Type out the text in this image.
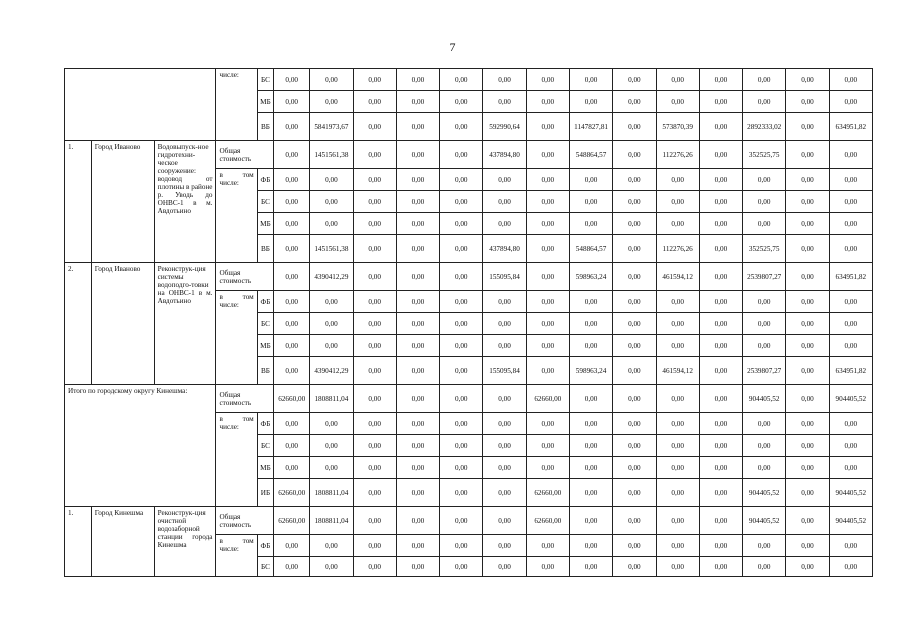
7
			числе:	БС	0,00	0,00	0,00	0,00	0,00	0,00	0,00	0,00	0,00	0,00	0,00	0,00	0,00	0,00
				МБ	0,00	0,00	0,00	0,00	0,00	0,00	0,00	0,00	0,00	0,00	0,00	0,00	0,00	0,00
				ВБ	0,00	5841973,67	0,00	0,00	0,00	592990,64	0,00	1147827,81	0,00	573870,39	0,00	2892333,02	0,00	634951,82
1.	Город Иваново	Водовыпуск-ное гидротехни-ческое сооружение: водовод от плотины в районе р. Уводь до ОНВС-1 в м. Авдотьино	Общая стоимость		0,00	1451561,38	0,00	0,00	0,00	437894,80	0,00	548864,57	0,00	112276,26	0,00	352525,75	0,00	0,00
			в том числе:	ФБ	0,00	0,00	0,00	0,00	0,00	0,00	0,00	0,00	0,00	0,00	0,00	0,00	0,00	0,00
				БС	0,00	0,00	0,00	0,00	0,00	0,00	0,00	0,00	0,00	0,00	0,00	0,00	0,00	0,00
				МБ	0,00	0,00	0,00	0,00	0,00	0,00	0,00	0,00	0,00	0,00	0,00	0,00	0,00	0,00
				ВБ	0,00	1451561,38	0,00	0,00	0,00	437894,80	0,00	548864,57	0,00	112276,26	0,00	352525,75	0,00	0,00
2.	Город Иваново	Реконструк-ция системы водоподго-товки на ОНВС-1 в м. Авдотьино	Общая стоимость		0,00	4390412,29	0,00	0,00	0,00	155095,84	0,00	598963,24	0,00	461594,12	0,00	2539807,27	0,00	634951,82
			в том числе:	ФБ	0,00	0,00	0,00	0,00	0,00	0,00	0,00	0,00	0,00	0,00	0,00	0,00	0,00	0,00
				БС	0,00	0,00	0,00	0,00	0,00	0,00	0,00	0,00	0,00	0,00	0,00	0,00	0,00	0,00
				МБ	0,00	0,00	0,00	0,00	0,00	0,00	0,00	0,00	0,00	0,00	0,00	0,00	0,00	0,00
				ВБ	0,00	4390412,29	0,00	0,00	0,00	155095,84	0,00	598963,24	0,00	461594,12	0,00	2539807,27	0,00	634951,82
Итого по городскому округу Кинешма:			Общая стоимость		62660,00	1808811,04	0,00	0,00	0,00	0,00	62660,00	0,00	0,00	0,00	0,00	904405,52	0,00	904405,52
			в том числе:	ФБ	0,00	0,00	0,00	0,00	0,00	0,00	0,00	0,00	0,00	0,00	0,00	0,00	0,00	0,00
				БС	0,00	0,00	0,00	0,00	0,00	0,00	0,00	0,00	0,00	0,00	0,00	0,00	0,00	0,00
				МБ	0,00	0,00	0,00	0,00	0,00	0,00	0,00	0,00	0,00	0,00	0,00	0,00	0,00	0,00
				ИБ	62660,00	1808811,04	0,00	0,00	0,00	0,00	62660,00	0,00	0,00	0,00	0,00	904405,52	0,00	904405,52
1.	Город Кинешма	Реконструк-ция очистной водозаборной станции города Кинешма	Общая стоимость		62660,00	1808811,04	0,00	0,00	0,00	0,00	62660,00	0,00	0,00	0,00	0,00	904405,52	0,00	904405,52
			в том числе:	ФБ	0,00	0,00	0,00	0,00	0,00	0,00	0,00	0,00	0,00	0,00	0,00	0,00	0,00	0,00
				БС	0,00	0,00	0,00	0,00	0,00	0,00	0,00	0,00	0,00	0,00	0,00	0,00	0,00	0,00
